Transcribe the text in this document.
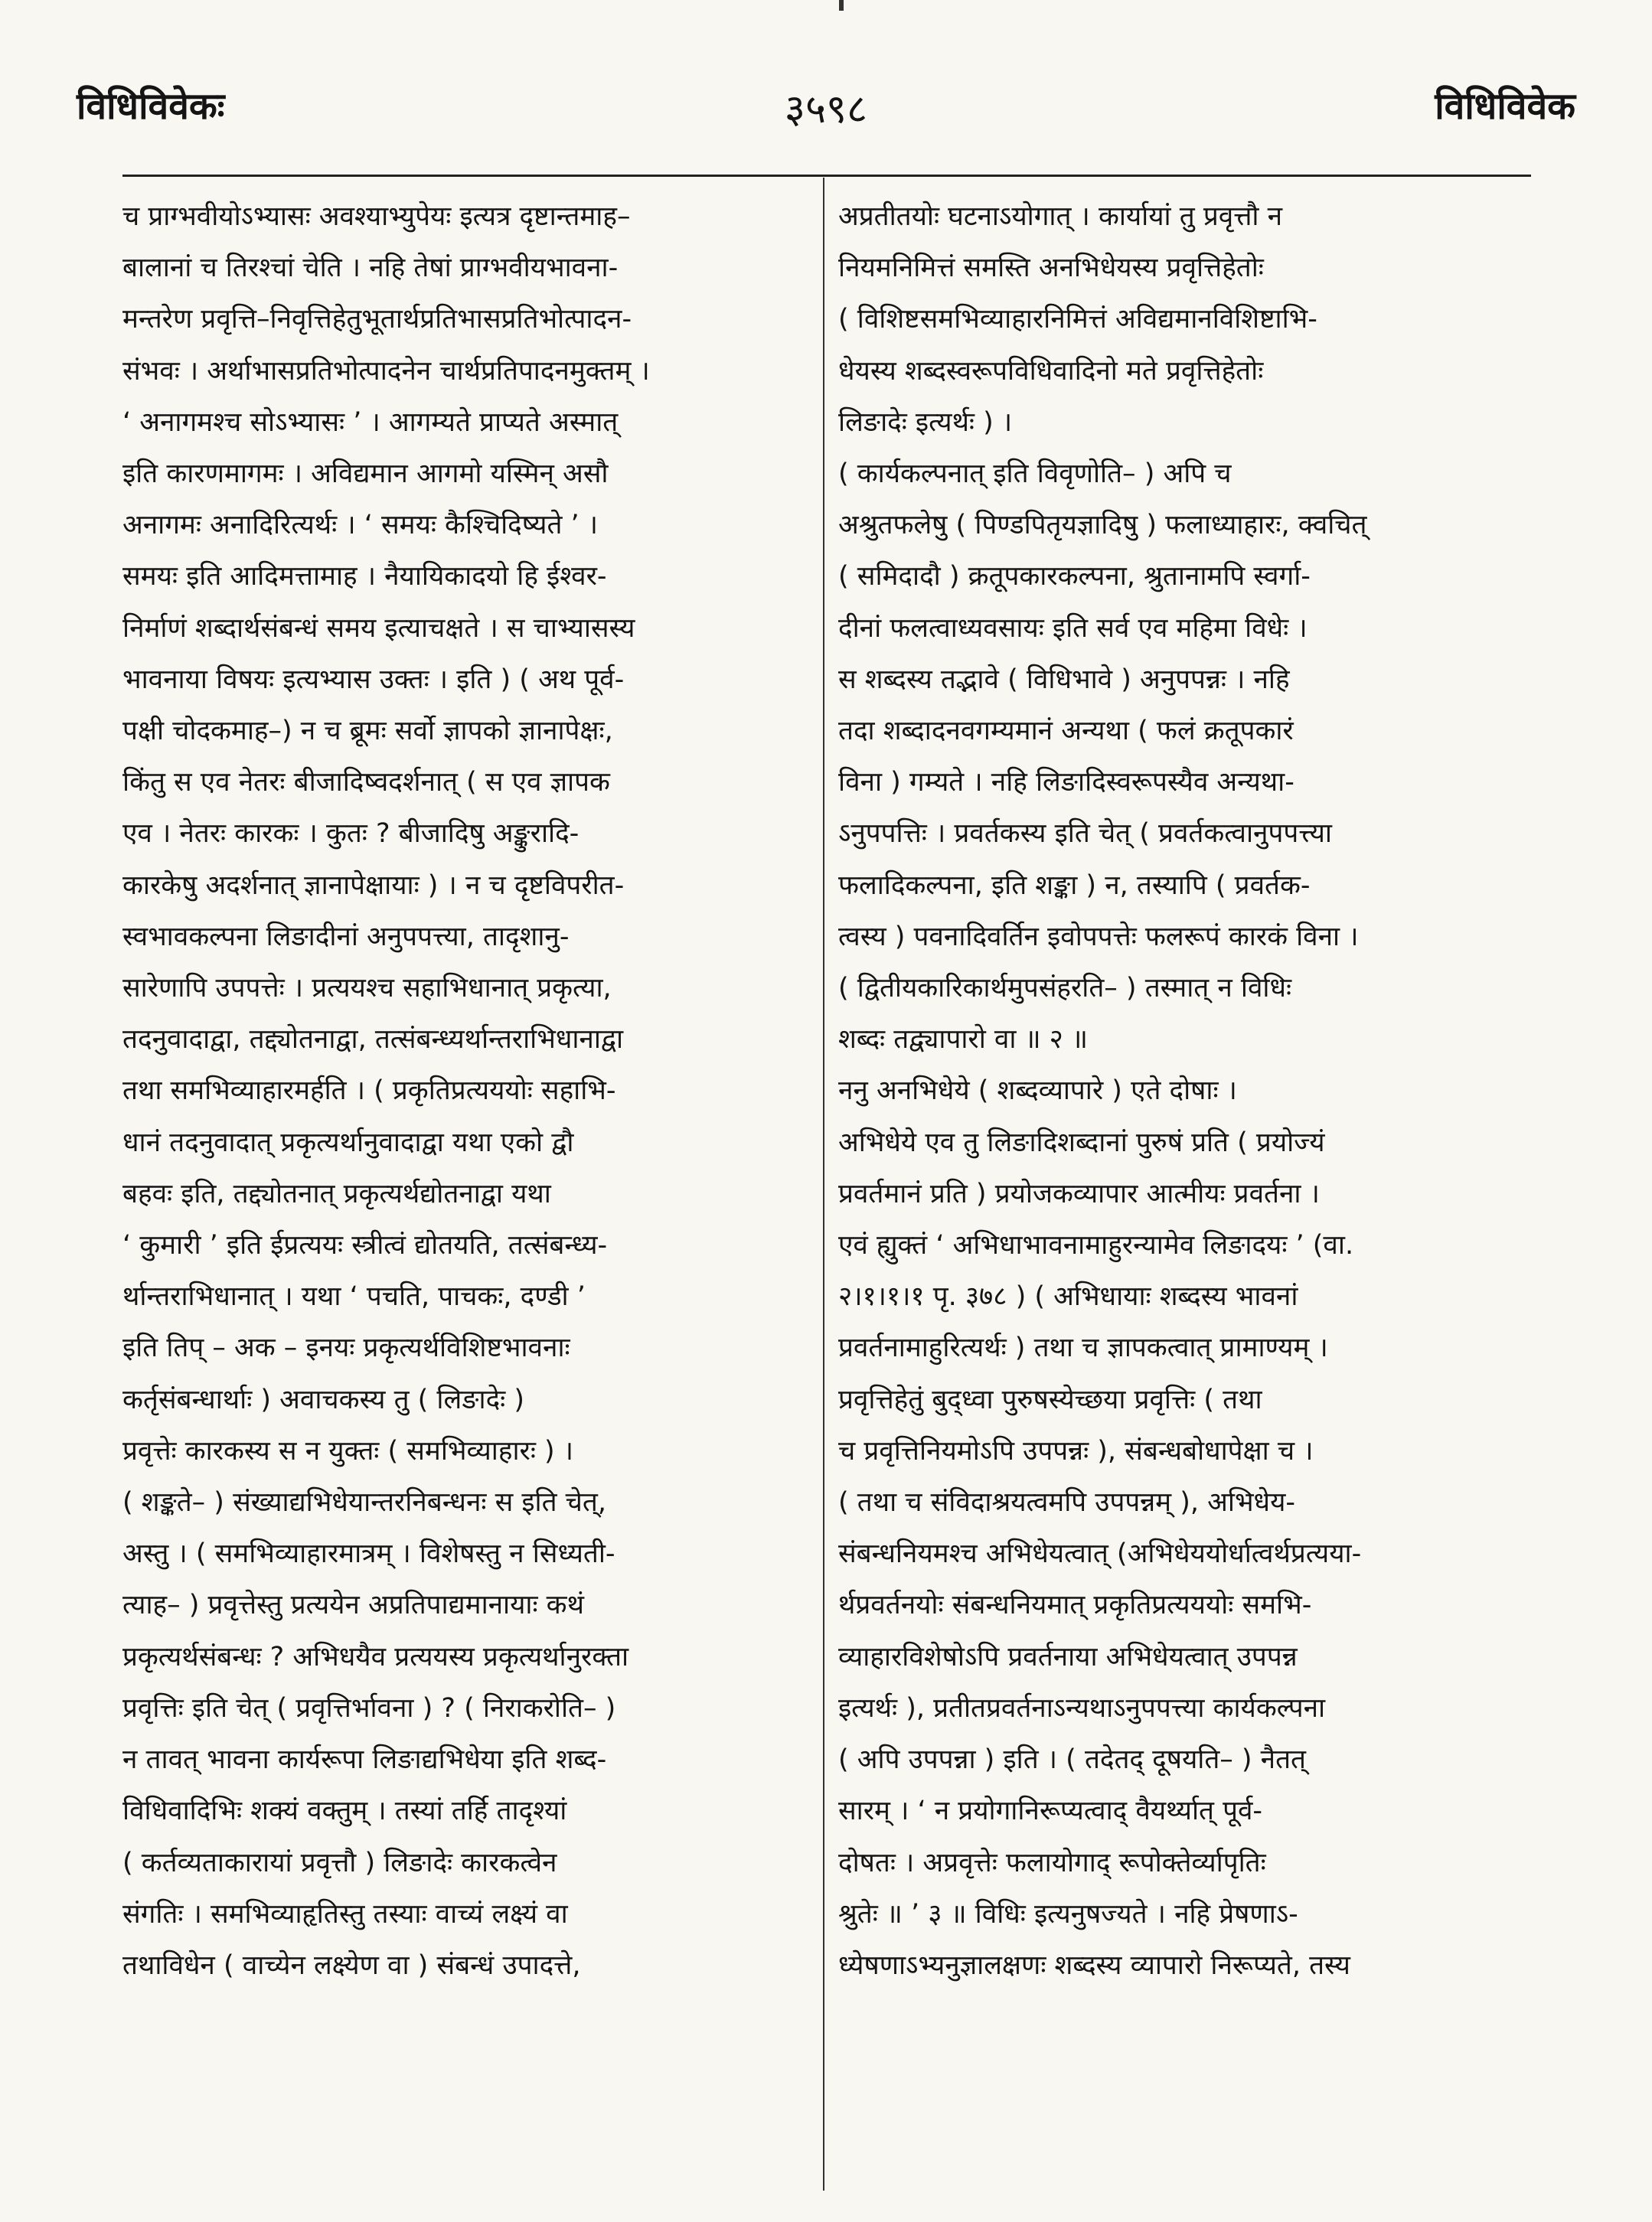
विधिविवेकः	३५९८	विधिविवेक
च प्राग्भवीयोऽभ्यासः अवश्याभ्युपेयः इत्यत्र दृष्टान्तमाह–
बालानां च तिरश्चां चेति । नहि तेषां प्राग्भवीयभावना-
मन्तरेण प्रवृत्ति–निवृत्तिहेतुभूतार्थप्रतिभासप्रतिभोत्पादन-
संभवः । अर्थाभासप्रतिभोत्पादनेन चार्थप्रतिपादनमुक्तम् ।
‘ अनागमश्च सोऽभ्यासः ’ । आगम्यते प्राप्यते अस्मात्
इति कारणमागमः । अविद्यमान आगमो यस्मिन् असौ
अनागमः अनादिरित्यर्थः । ‘ समयः कैश्चिदिष्यते ’ ।
समयः इति आदिमत्तामाह । नैयायिकादयो हि ईश्वर-
निर्माणं शब्दार्थसंबन्धं समय इत्याचक्षते । स चाभ्यासस्य
भावनाया विषयः इत्यभ्यास उक्तः । इति ) ( अथ पूर्व-
पक्षी चोदकमाह–) न च ब्रूमः सर्वो ज्ञापको ज्ञानापेक्षः,
किंतु स एव नेतरः बीजादिष्वदर्शनात् ( स एव ज्ञापक
एव । नेतरः कारकः । कुतः ? बीजादिषु अङ्कुरादि-
कारकेषु अदर्शनात् ज्ञानापेक्षायाः ) । न च दृष्टविपरीत-
स्वभावकल्पना लिङादीनां अनुपपत्त्या, तादृशानु-
सारेणापि उपपत्तेः । प्रत्ययश्च सहाभिधानात् प्रकृत्या,
तदनुवादाद्वा, तद्द्योतनाद्वा, तत्संबन्ध्यर्थान्तराभिधानाद्वा
तथा समभिव्याहारमर्हति । ( प्रकृतिप्रत्यययोः सहाभि-
धानं तदनुवादात् प्रकृत्यर्थानुवादाद्वा यथा एको द्वौ
बहवः इति, तद्द्योतनात् प्रकृत्यर्थद्योतनाद्वा यथा
‘ कुमारी ’ इति ईप्रत्ययः स्त्रीत्वं द्योतयति, तत्संबन्ध्य-
र्थान्तराभिधानात् । यथा ‘ पचति, पाचकः, दण्डी ’
इति तिप् – अक – इनयः प्रकृत्यर्थविशिष्टभावनाः
कर्तृसंबन्धार्थाः ) अवाचकस्य तु ( लिङादेः )
प्रवृत्तेः कारकस्य स न युक्तः ( समभिव्याहारः ) ।
( शङ्कते– ) संख्याद्यभिधेयान्तरनिबन्धनः स इति चेत्,
अस्तु । ( समभिव्याहारमात्रम् । विशेषस्तु न सिध्यती-
त्याह– ) प्रवृत्तेस्तु प्रत्ययेन अप्रतिपाद्यमानायाः कथं
प्रकृत्यर्थसंबन्धः ? अभिधयैव प्रत्ययस्य प्रकृत्यर्थानुरक्ता
प्रवृत्तिः इति चेत् ( प्रवृत्तिर्भावना ) ? ( निराकरोति– )
न तावत् भावना कार्यरूपा लिङाद्यभिधेया इति शब्द-
विधिवादिभिः शक्यं वक्तुम् । तस्यां तर्हि तादृश्यां
( कर्तव्यताकारायां प्रवृत्तौ ) लिङादेः कारकत्वेन
संगतिः । समभिव्याहृतिस्तु तस्याः वाच्यं लक्ष्यं वा
तथाविधेन ( वाच्येन लक्ष्येण वा ) संबन्धं उपादत्ते,
अप्रतीतयोः घटनाऽयोगात् । कार्यायां तु प्रवृत्तौ न
नियमनिमित्तं समस्ति अनभिधेयस्य प्रवृत्तिहेतोः
( विशिष्टसमभिव्याहारनिमित्तं अविद्यमानविशिष्टाभि-
धेयस्य शब्दस्वरूपविधिवादिनो मते प्रवृत्तिहेतोः
लिङादेः इत्यर्थः ) ।
( कार्यकल्पनात् इति विवृणोति– ) अपि च
अश्रुतफलेषु ( पिण्डपितृयज्ञादिषु ) फलाध्याहारः, क्वचित्
( समिदादौ ) क्रतूपकारकल्पना, श्रुतानामपि स्वर्गा-
दीनां फलत्वाध्यवसायः इति सर्व एव महिमा विधेः ।
स शब्दस्य तद्भावे ( विधिभावे ) अनुपपन्नः । नहि
तदा शब्दादनवगम्यमानं अन्यथा ( फलं क्रतूपकारं
विना ) गम्यते । नहि लिङादिस्वरूपस्यैव अन्यथा-
ऽनुपपत्तिः । प्रवर्तकस्य इति चेत् ( प्रवर्तकत्वानुपपत्त्या
फलादिकल्पना, इति शङ्का ) न, तस्यापि ( प्रवर्तक-
त्वस्य ) पवनादिवर्तिन इवोपपत्तेः फलरूपं कारकं विना ।
( द्वितीयकारिकार्थमुपसंहरति– ) तस्मात् न विधिः
शब्दः तद्व्यापारो वा ॥ २ ॥
ननु अनभिधेये ( शब्दव्यापारे ) एते दोषाः ।
अभिधेये एव तु लिङादिशब्दानां पुरुषं प्रति ( प्रयोज्यं
प्रवर्तमानं प्रति ) प्रयोजकव्यापार आत्मीयः प्रवर्तना ।
एवं ह्युक्तं ‘ अभिधाभावनामाहुरन्यामेव लिङादयः ’ (वा.
२।१।१।१ पृ. ३७८ ) ( अभिधायाः शब्दस्य भावनां
प्रवर्तनामाहुरित्यर्थः ) तथा च ज्ञापकत्वात् प्रामाण्यम् ।
प्रवृत्तिहेतुं बुद्ध्वा पुरुषस्येच्छया प्रवृत्तिः ( तथा
च प्रवृत्तिनियमोऽपि उपपन्नः ), संबन्धबोधापेक्षा च ।
( तथा च संविदाश्रयत्वमपि उपपन्नम् ), अभिधेय-
संबन्धनियमश्च अभिधेयत्वात् (अभिधेययोर्धात्वर्थप्रत्यया-
र्थप्रवर्तनयोः संबन्धनियमात् प्रकृतिप्रत्यययोः समभि-
व्याहारविशेषोऽपि प्रवर्तनाया अभिधेयत्वात् उपपन्न
इत्यर्थः ), प्रतीतप्रवर्तनाऽन्यथाऽनुपपत्त्या कार्यकल्पना
( अपि उपपन्ना ) इति । ( तदेतद् दूषयति– ) नैतत्
सारम् । ‘ न प्रयोगानिरूप्यत्वाद् वैयर्थ्यात् पूर्व-
दोषतः । अप्रवृत्तेः फलायोगाद् रूपोक्तेर्व्यापृतिः
श्रुतेः ॥ ’ ३ ॥ विधिः इत्यनुषज्यते । नहि प्रेषणाऽ-
ध्येषणाऽभ्यनुज्ञालक्षणः शब्दस्य व्यापारो निरूप्यते, तस्य
